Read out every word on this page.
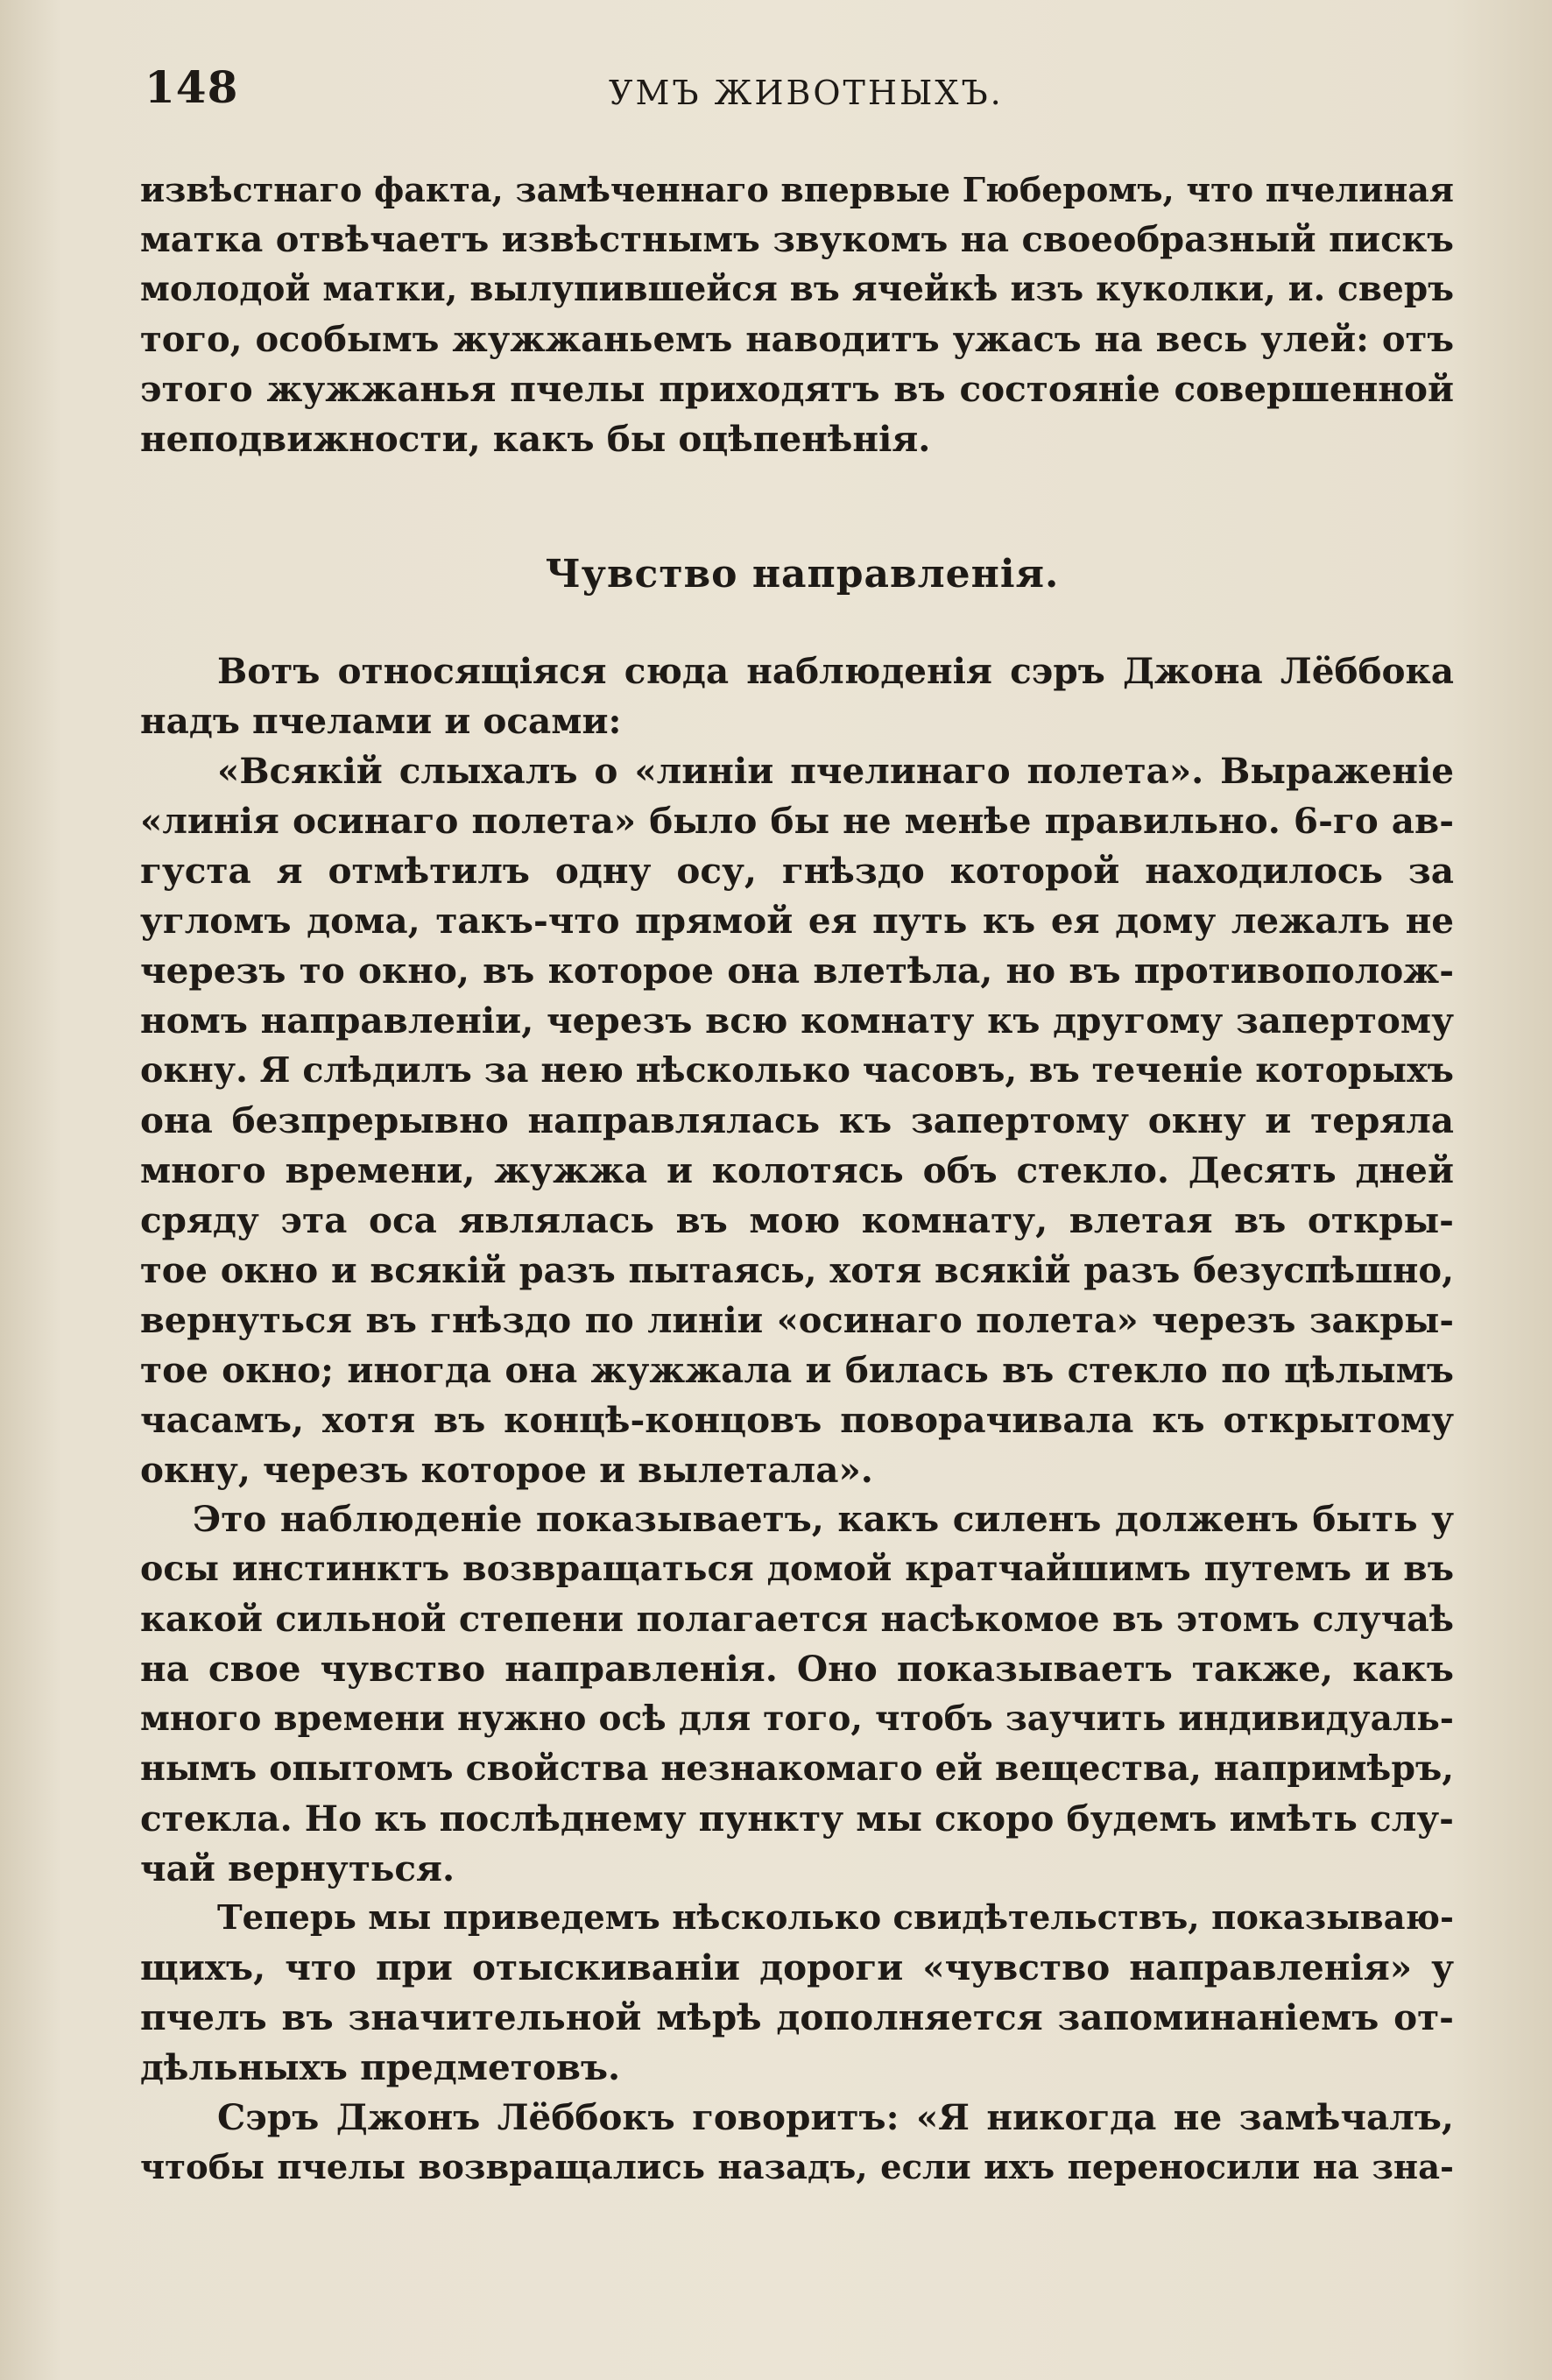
148	УМЪ ЖИВОТНЫХЪ.
извѣстнаго факта, замѣченнаго впервые Гюберомъ, что пчелиная
матка отвѣчаетъ извѣстнымъ звукомъ на своеобразный пискъ
молодой матки, вылупившейся въ ячейкѣ изъ куколки, и. сверъ
того, особымъ жужжаньемъ наводитъ ужасъ на весь улей: отъ
этого жужжанья пчелы приходятъ въ состояніе совершенной
неподвижности, какъ бы оцѣпенѣнія.
Чувство направленія.
Вотъ относящіяся сюда наблюденія сэръ Джона Лёббока
надъ пчелами и осами:
«Всякій слыхалъ о «линіи пчелинаго полета». Выраженіе
«линія осинаго полета» было бы не менѣе правильно. 6-го ав-
густа я отмѣтилъ одну осу, гнѣздо которой находилось за
угломъ дома, такъ-что прямой ея путь къ ея дому лежалъ не
черезъ то окно, въ которое она влетѣла, но въ противополож-
номъ направленіи, черезъ всю комнату къ другому запертому
окну. Я слѣдилъ за нею нѣсколько часовъ, въ теченіе которыхъ
она безпрерывно направлялась къ запертому окну и теряла
много времени, жужжа и колотясь объ стекло. Десять дней
сряду эта оса являлась въ мою комнату, влетая въ откры-
тое окно и всякій разъ пытаясь, хотя всякій разъ безуспѣшно,
вернуться въ гнѣздо по линіи «осинаго полета» черезъ закры-
тое окно; иногда она жужжала и билась въ стекло по цѣлымъ
часамъ, хотя въ концѣ-концовъ поворачивала къ открытому
окну, черезъ которое и вылетала».
Это наблюденіе показываетъ, какъ силенъ долженъ быть у
осы инстинктъ возвращаться домой кратчайшимъ путемъ и въ
какой сильной степени полагается насѣкомое въ этомъ случаѣ
на свое чувство направленія. Оно показываетъ также, какъ
много времени нужно осѣ для того, чтобъ заучить индивидуаль-
нымъ опытомъ свойства незнакомаго ей вещества, напримѣръ,
стекла. Но къ послѣднему пункту мы скоро будемъ имѣть слу-
чай вернуться.
Теперь мы приведемъ нѣсколько свидѣтельствъ, показываю-
щихъ, что при отыскиваніи дороги «чувство направленія» у
пчелъ въ значительной мѣрѣ дополняется запоминаніемъ от-
дѣльныхъ предметовъ.
Сэръ Джонъ Лёббокъ говоритъ: «Я никогда не замѣчалъ,
чтобы пчелы возвращались назадъ, если ихъ переносили на зна-
